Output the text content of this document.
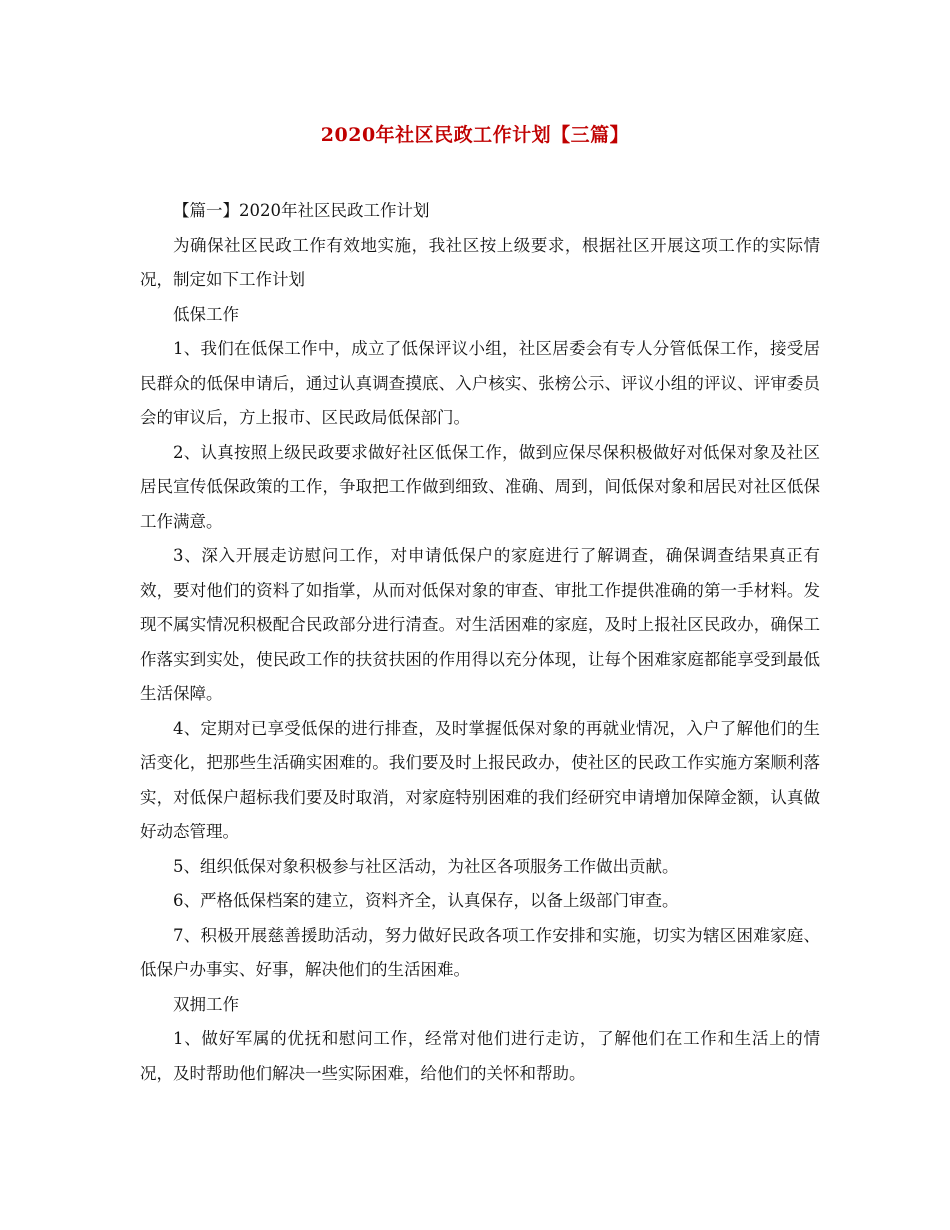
2020年社区民政工作计划【三篇】

【篇一】2020年社区民政工作计划

为确保社区民政工作有效地实施，我社区按上级要求，根据社区开展这项工作的实际情况，制定如下工作计划

低保工作

1、我们在低保工作中，成立了低保评议小组，社区居委会有专人分管低保工作，接受居民群众的低保申请后，通过认真调查摸底、入户核实、张榜公示、评议小组的评议、评审委员会的审议后，方上报市、区民政局低保部门。

2、认真按照上级民政要求做好社区低保工作，做到应保尽保积极做好对低保对象及社区居民宣传低保政策的工作，争取把工作做到细致、准确、周到，间低保对象和居民对社区低保工作满意。

3、深入开展走访慰问工作，对申请低保户的家庭进行了解调查，确保调查结果真正有效，要对他们的资料了如指掌，从而对低保对象的审查、审批工作提供准确的第一手材料。发现不属实情况积极配合民政部分进行清查。对生活困难的家庭，及时上报社区民政办，确保工作落实到实处，使民政工作的扶贫扶困的作用得以充分体现，让每个困难家庭都能享受到最低生活保障。

4、定期对已享受低保的进行排查，及时掌握低保对象的再就业情况，入户了解他们的生活变化，把那些生活确实困难的。我们要及时上报民政办，使社区的民政工作实施方案顺利落实，对低保户超标我们要及时取消，对家庭特别困难的我们经研究申请增加保障金额，认真做好动态管理。

5、组织低保对象积极参与社区活动，为社区各项服务工作做出贡献。

6、严格低保档案的建立，资料齐全，认真保存，以备上级部门审查。

7、积极开展慈善援助活动，努力做好民政各项工作安排和实施，切实为辖区困难家庭、低保户办事实、好事，解决他们的生活困难。

双拥工作

1、做好军属的优抚和慰问工作，经常对他们进行走访，了解他们在工作和生活上的情况，及时帮助他们解决一些实际困难，给他们的关怀和帮助。
